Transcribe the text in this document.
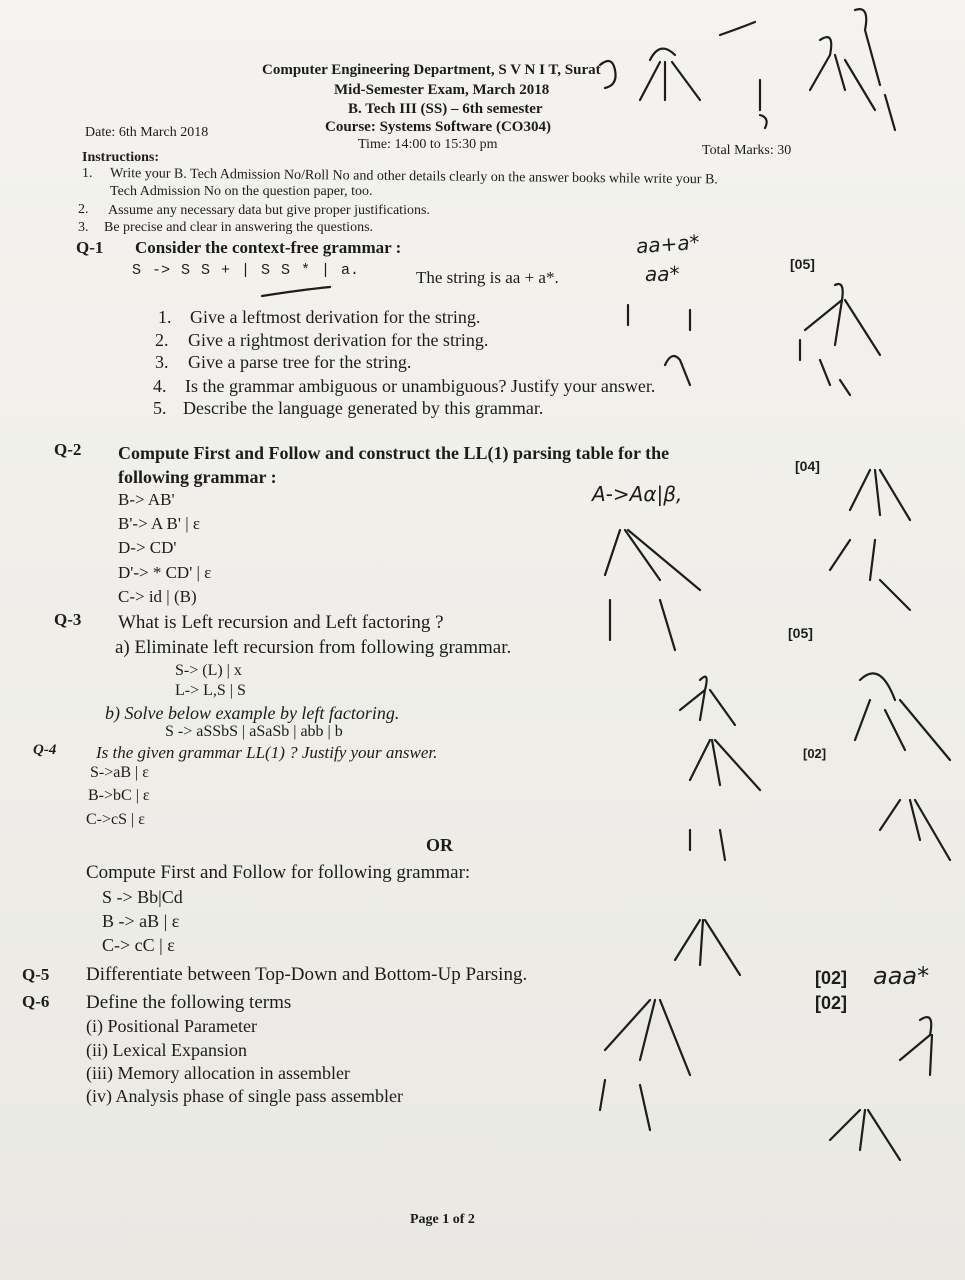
Computer Engineering Department, S V N I T, Surat
Mid-Semester Exam, March 2018
B. Tech III (SS) – 6th semester
Course: Systems Software (CO304)
Time: 14:00 to 15:30 pm
Date: 6th March 2018
Total Marks: 30
Instructions:
1. Write your B. Tech Admission No/Roll No and other details clearly on the answer books while write your B.
Tech Admission No on the question paper, too.
2. Assume any necessary data but give proper justifications.
3. Be precise and clear in answering the questions.
Q-1 Consider the context-free grammar :
S -> S S + | S S * | a.	The string is aa + a*.
[05]
1. Give a leftmost derivation for the string.
2. Give a rightmost derivation for the string.
3. Give a parse tree for the string.
4. Is the grammar ambiguous or unambiguous? Justify your answer.
5. Describe the language generated by this grammar.
Q-2 Compute First and Follow and construct the LL(1) parsing table for the
following grammar :
[04]
B-> AB'
B'-> A B' | ε
D-> CD'
D'-> * CD' | ε
C-> id | (B)
Q-3 What is Left recursion and Left factoring ?	[05]
a) Eliminate left recursion from following grammar.
S-> (L) | x
L-> L,S | S
b) Solve below example by left factoring.
S -> aSSbS | aSaSb | abb | b
Q-4 Is the given grammar LL(1) ? Justify your answer.	[02]
S->aB | ε
B->bC | ε
C->cS | ε
OR
Compute First and Follow for following grammar:
S -> Bb|Cd
B -> aB | ε
C-> cC | ε
Q-5 Differentiate between Top-Down and Bottom-Up Parsing.	[02]
Q-6 Define the following terms	[02]
(i) Positional Parameter
(ii) Lexical Expansion
(iii) Memory allocation in assembler
(iv) Analysis phase of single pass assembler
Page 1 of 2
aa+a*
aa*
A->Aα|β,
aaa*
